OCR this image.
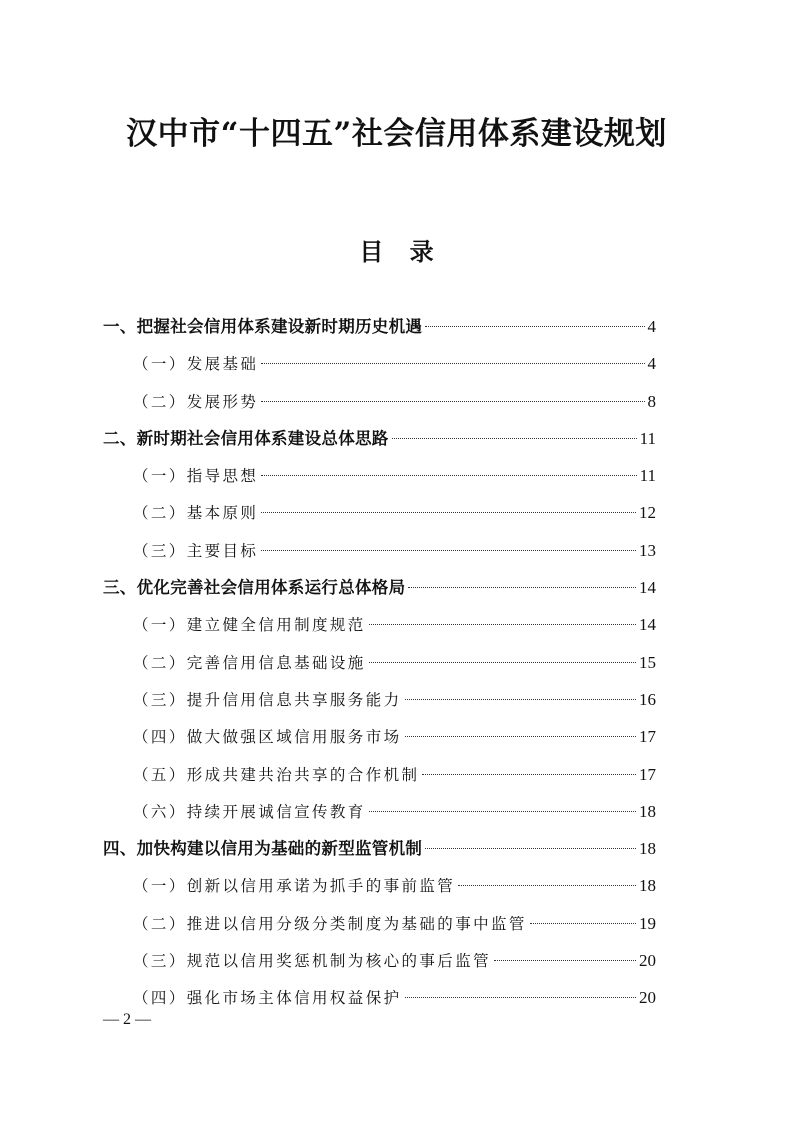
汉中市“十四五”社会信用体系建设规划
目 录
一、把握社会信用体系建设新时期历史机遇	4
（一）发展基础	4
（二）发展形势	8
二、新时期社会信用体系建设总体思路	11
（一）指导思想	11
（二）基本原则	12
（三）主要目标	13
三、优化完善社会信用体系运行总体格局	14
（一）建立健全信用制度规范	14
（二）完善信用信息基础设施	15
（三）提升信用信息共享服务能力	16
（四）做大做强区域信用服务市场	17
（五）形成共建共治共享的合作机制	17
（六）持续开展诚信宣传教育	18
四、加快构建以信用为基础的新型监管机制	18
（一）创新以信用承诺为抓手的事前监管	18
（二）推进以信用分级分类制度为基础的事中监管	19
（三）规范以信用奖惩机制为核心的事后监管	20
（四）强化市场主体信用权益保护	20
— 2 —
